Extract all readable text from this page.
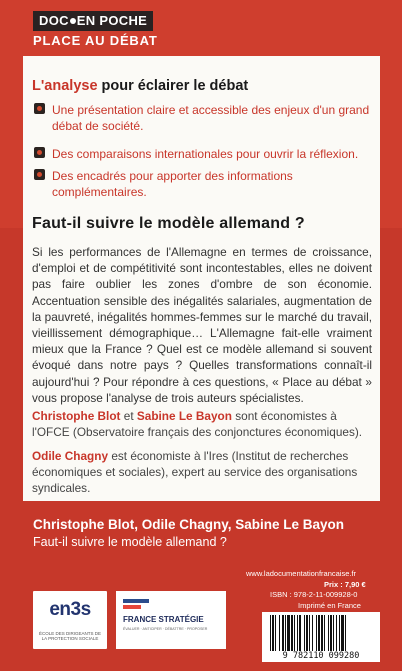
DOC EN POCHE
PLACE AU DÉBAT
L'analyse pour éclairer le débat
Une présentation claire et accessible des enjeux d'un grand débat de société.
Des comparaisons internationales pour ouvrir la réflexion.
Des encadrés pour apporter des informations complémentaires.
Faut-il suivre le modèle allemand ?
Si les performances de l'Allemagne en termes de croissance, d'emploi et de compétitivité sont incontestables, elles ne doivent pas faire oublier les zones d'ombre de son économie. Accentuation sensible des inégalités salariales, augmentation de la pauvreté, inégalités hommes-femmes sur le marché du travail, vieillissement démographique… L'Allemagne fait-elle vraiment mieux que la France ? Quel est ce modèle allemand si souvent évoqué dans notre pays ? Quelles transformations connaît-il aujourd'hui ? Pour répondre à ces questions, « Place au débat » vous propose l'analyse de trois auteurs spécialistes.
Christophe Blot et Sabine Le Bayon sont économistes à l'OFCE (Observatoire français des conjonctures économiques).
Odile Chagny est économiste à l'Ires (Institut de recherches économiques et sociales), expert au service des organisations syndicales.
Christophe Blot, Odile Chagny, Sabine Le Bayon
Faut-il suivre le modèle allemand ?
www.ladocumentationfrancaise.fr
Prix : 7,90 €
ISBN : 978-2-11-009928-0
Imprimé en France
en3s
ÉCOLE DES DIRIGEANTS DE LA PROTECTION SOCIALE
FRANCE STRATÉGIE
ÉVALUER · ANTICIPER · DÉBATTRE · PROPOSER
9 782110 099280
